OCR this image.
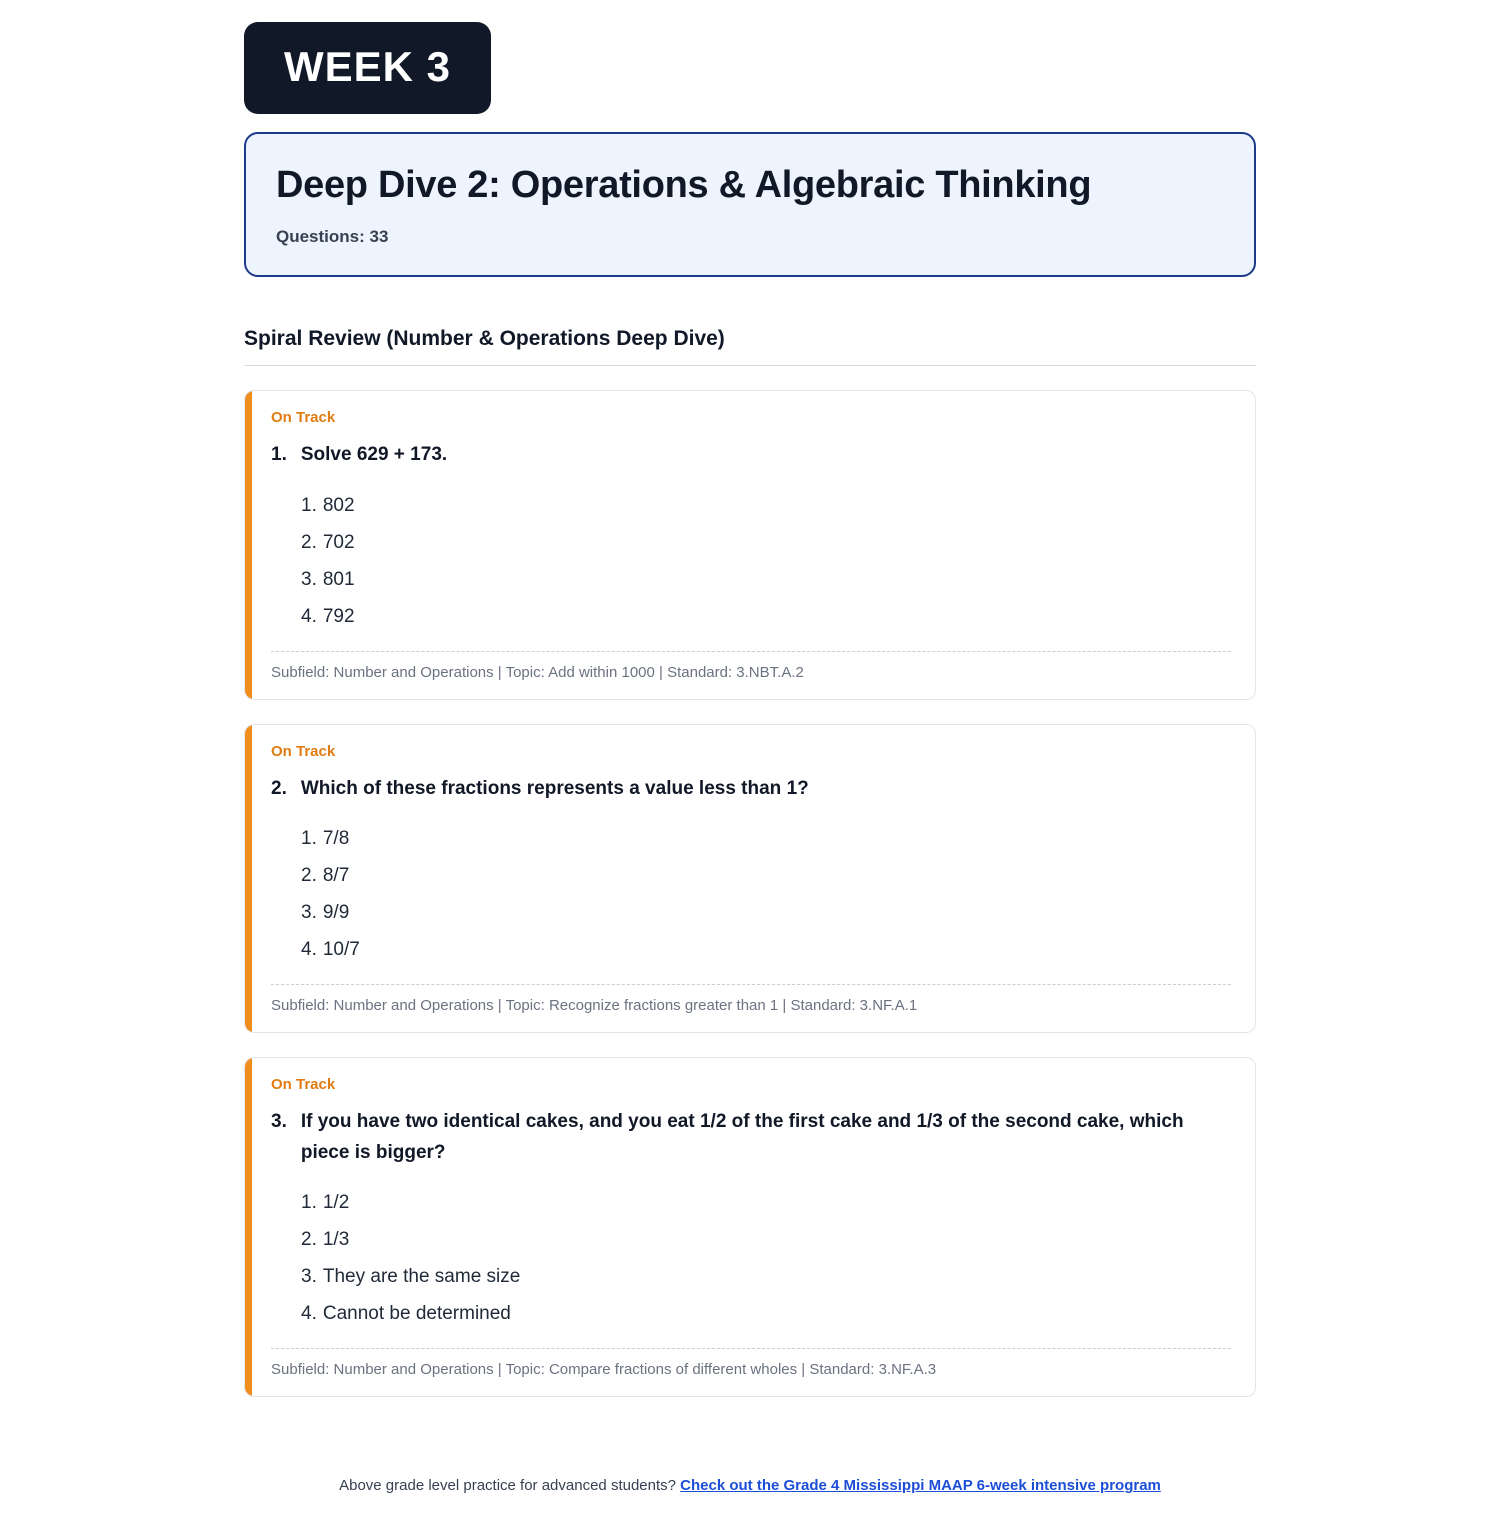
WEEK 3
Deep Dive 2: Operations & Algebraic Thinking
Questions: 33
Spiral Review (Number & Operations Deep Dive)
On Track
1. Solve 629 + 173.
1. 802
2. 702
3. 801
4. 792
Subfield: Number and Operations | Topic: Add within 1000 | Standard: 3.NBT.A.2
On Track
2. Which of these fractions represents a value less than 1?
1. 7/8
2. 8/7
3. 9/9
4. 10/7
Subfield: Number and Operations | Topic: Recognize fractions greater than 1 | Standard: 3.NF.A.1
On Track
3. If you have two identical cakes, and you eat 1/2 of the first cake and 1/3 of the second cake, which piece is bigger?
1. 1/2
2. 1/3
3. They are the same size
4. Cannot be determined
Subfield: Number and Operations | Topic: Compare fractions of different wholes | Standard: 3.NF.A.3
Above grade level practice for advanced students? Check out the Grade 4 Mississippi MAAP 6-week intensive program
